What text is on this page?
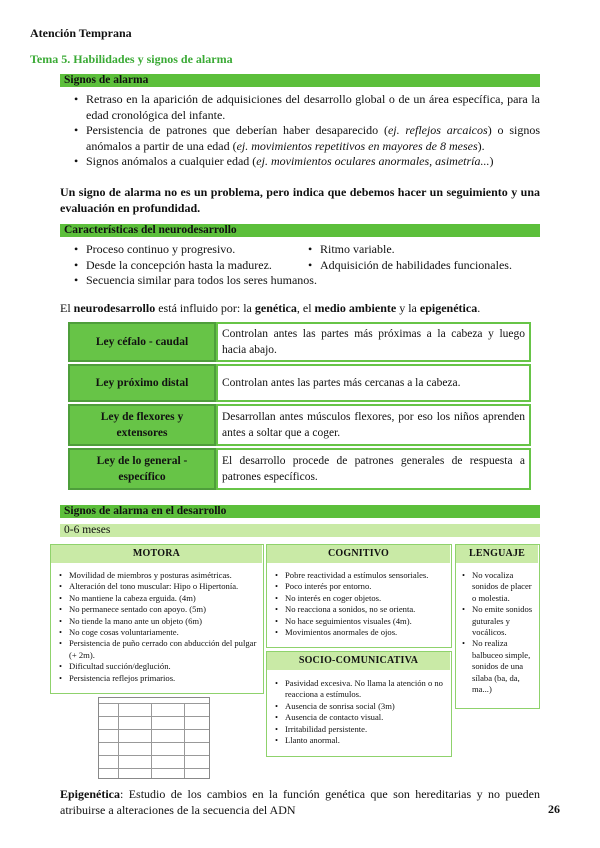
Atención Temprana
Tema 5. Habilidades y signos de alarma
Signos de alarma
• Retraso en la aparición de adquisiciones del desarrollo global o de un área específica, para la edad cronológica del infante.
• Persistencia de patrones que deberían haber desaparecido (ej. reflejos arcaicos) o signos anómalos a partir de una edad (ej. movimientos repetitivos en mayores de 8 meses).
• Signos anómalos a cualquier edad (ej. movimientos oculares anormales, asimetría...)
Un signo de alarma no es un problema, pero indica que debemos hacer un seguimiento y una evaluación en profundidad.
Características del neurodesarrollo
• Proceso continuo y progresivo.
• Desde la concepción hasta la madurez.
• Secuencia similar para todos los seres humanos.
• Ritmo variable.
• Adquisición de habilidades funcionales.
El neurodesarrollo está influido por: la genética, el medio ambiente y la epigenética.
Ley céfalo - caudal
Controlan antes las partes más próximas a la cabeza y luego hacia abajo.
Ley próximo distal	Controlan antes las partes más cercanas a la cabeza.
Ley de flexores y extensores
Desarrollan antes músculos flexores, por eso los niños aprenden antes a soltar que a coger.
Ley de lo general - específico
El desarrollo procede de patrones generales de respuesta a patrones específicos.
Signos de alarma en el desarrollo
0-6 meses
MOTORA
• Movilidad de miembros y posturas asimétricas.
• Alteración del tono muscular: Hipo o Hipertonía.
• No mantiene la cabeza erguida. (4m)
• No permanece sentado con apoyo. (5m)
• No tiende la mano ante un objeto (6m)
• No coge cosas voluntariamente.
• Persistencia de puño cerrado con abducción del pulgar (+ 2m).
• Dificultad succión/deglución.
• Persistencia reflejos primarios.
COGNITIVO
• Pobre reactividad a estímulos sensoriales.
• Poco interés por entorno.
• No interés en coger objetos.
• No reacciona a sonidos, no se orienta.
• No hace seguimientos visuales (4m).
• Movimientos anormales de ojos.
SOCIO-COMUNICATIVA
• Pasividad excesiva. No llama la atención o no reacciona a estímulos.
• Ausencia de sonrisa social (3m)
• Ausencia de contacto visual.
• Irritabilidad persistente.
• Llanto anormal.
LENGUAJE
• No vocaliza sonidos de placer o molestia.
• No emite sonidos guturales y vocálicos.
• No realiza balbuceo simple, sonidos de una sílaba (ba, da, ma...)

Epigenética: Estudio de los cambios en la función genética que son hereditarias y no pueden atribuirse a alteraciones de la secuencia del ADN	26
